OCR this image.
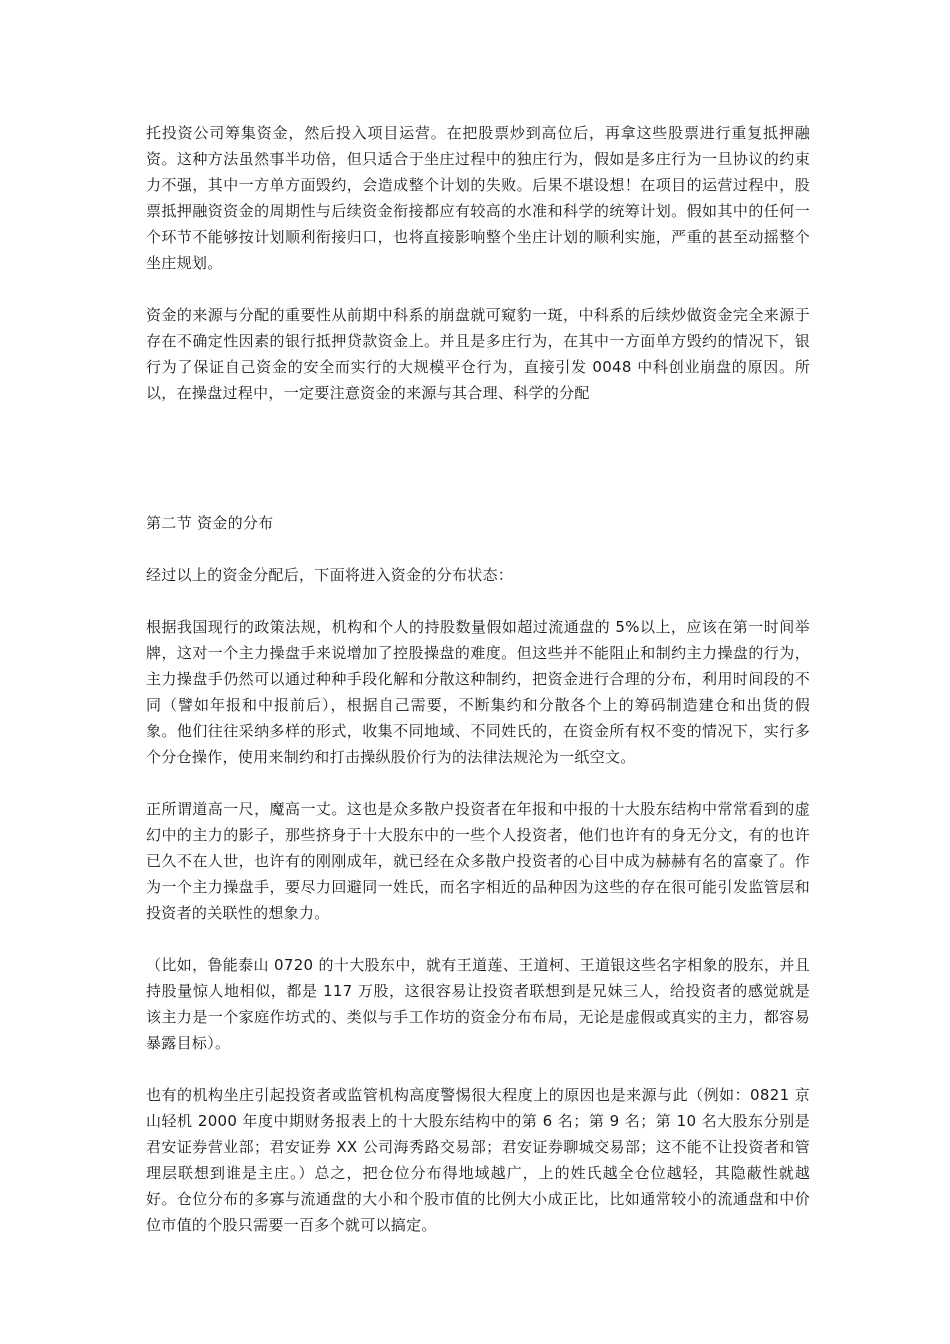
托投资公司筹集资金，然后投入项目运营。在把股票炒到高位后，再拿这些股票进行重复抵押融资。这种方法虽然事半功倍，但只适合于坐庄过程中的独庄行为，假如是多庄行为一旦协议的约束力不强，其中一方单方面毁约，会造成整个计划的失败。后果不堪设想！在项目的运营过程中，股票抵押融资资金的周期性与后续资金衔接都应有较高的水准和科学的统筹计划。假如其中的任何一个环节不能够按计划顺利衔接归口，也将直接影响整个坐庄计划的顺利实施，严重的甚至动摇整个坐庄规划。

资金的来源与分配的重要性从前期中科系的崩盘就可窥豹一斑，中科系的后续炒做资金完全来源于存在不确定性因素的银行抵押贷款资金上。并且是多庄行为，在其中一方面单方毁约的情况下，银行为了保证自己资金的安全而实行的大规模平仓行为，直接引发 0048 中科创业崩盘的原因。所以，在操盘过程中，一定要注意资金的来源与其合理、科学的分配

第二节 资金的分布

经过以上的资金分配后，下面将进入资金的分布状态：

根据我国现行的政策法规，机构和个人的持股数量假如超过流通盘的 5%以上，应该在第一时间举牌，这对一个主力操盘手来说增加了控股操盘的难度。但这些并不能阻止和制约主力操盘的行为，主力操盘手仍然可以通过种种手段化解和分散这种制约，把资金进行合理的分布，利用时间段的不同（譬如年报和中报前后），根据自己需要，不断集约和分散各个上的筹码制造建仓和出货的假象。他们往往采纳多样的形式，收集不同地域、不同姓氏的，在资金所有权不变的情况下，实行多个分仓操作，使用来制约和打击操纵股价行为的法律法规沦为一纸空文。

正所谓道高一尺，魔高一丈。这也是众多散户投资者在年报和中报的十大股东结构中常常看到的虚幻中的主力的影子，那些挤身于十大股东中的一些个人投资者，他们也许有的身无分文，有的也许已久不在人世，也许有的刚刚成年，就已经在众多散户投资者的心目中成为赫赫有名的富豪了。作为一个主力操盘手，要尽力回避同一姓氏，而名字相近的品种因为这些的存在很可能引发监管层和投资者的关联性的想象力。

（比如，鲁能泰山 0720 的十大股东中，就有王道莲、王道柯、王道银这些名字相象的股东，并且持股量惊人地相似，都是 117 万股，这很容易让投资者联想到是兄妹三人，给投资者的感觉就是该主力是一个家庭作坊式的、类似与手工作坊的资金分布布局，无论是虚假或真实的主力，都容易暴露目标）。

也有的机构坐庄引起投资者或监管机构高度警惕很大程度上的原因也是来源与此（例如：0821 京山轻机 2000 年度中期财务报表上的十大股东结构中的第 6 名；第 9 名；第 10 名大股东分别是君安证券营业部；君安证券 XX 公司海秀路交易部；君安证券聊城交易部；这不能不让投资者和管理层联想到谁是主庄。）总之，把仓位分布得地域越广，上的姓氏越全仓位越轻，其隐蔽性就越好。仓位分布的多寡与流通盘的大小和个股市值的比例大小成正比，比如通常较小的流通盘和中价位市值的个股只需要一百多个就可以搞定。
